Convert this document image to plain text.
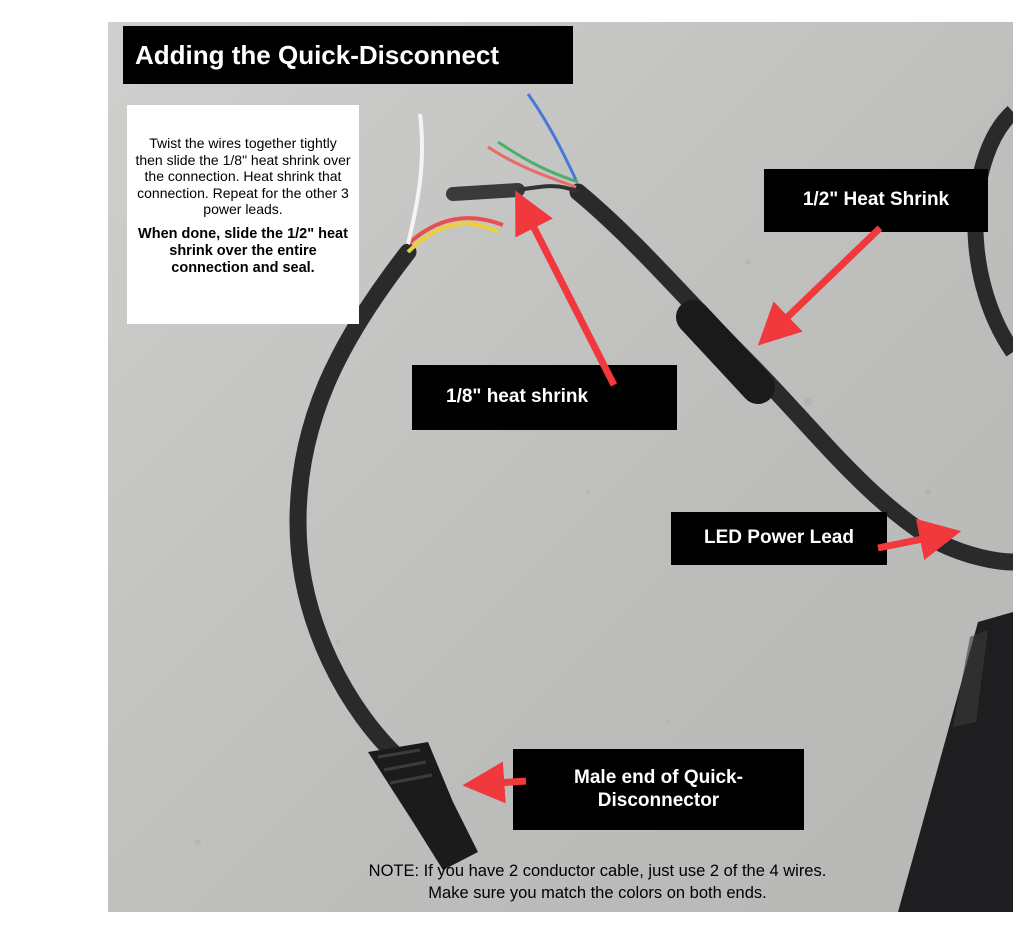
Adding the Quick-Disconnect
Twist the wires together tightly then slide the 1/8" heat shrink over the connection. Heat shrink that connection. Repeat for the other 3 power leads.
When done, slide the 1/2" heat shrink over the entire connection and seal.
1/2" Heat Shrink
1/8" heat shrink
LED Power Lead
Male end of Quick-Disconnector
NOTE: If you have 2 conductor cable, just use 2 of the 4 wires.
Make sure you match the colors on both ends.
